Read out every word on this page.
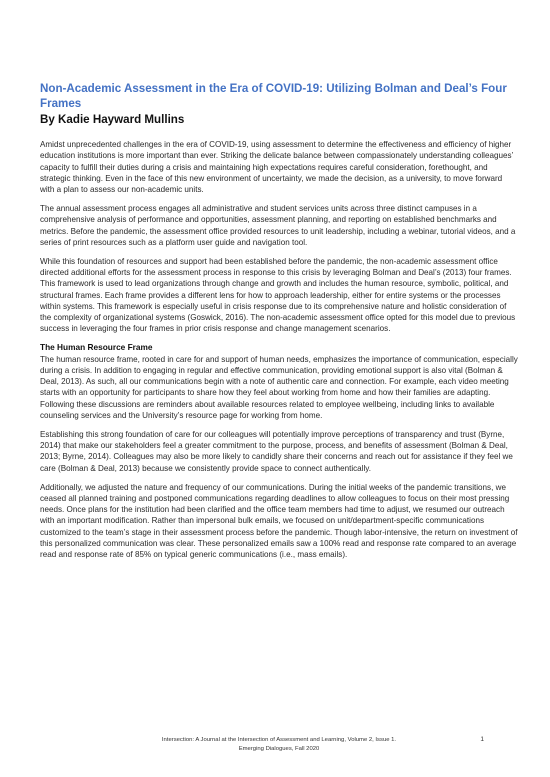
Non-Academic Assessment in the Era of COVID-19: Utilizing Bolman and Deal’s Four Frames
By Kadie Hayward Mullins

Amidst unprecedented challenges in the era of COVID-19, using assessment to determine the effectiveness and efficiency of higher education institutions is more important than ever. Striking the delicate balance between compassionately understanding colleagues’ capacity to fulfill their duties during a crisis and maintaining high expectations requires careful consideration, forethought, and strategic thinking. Even in the face of this new environment of uncertainty, we made the decision, as a university, to move forward with a plan to assess our non-academic units.

The annual assessment process engages all administrative and student services units across three distinct campuses in a comprehensive analysis of performance and opportunities, assessment planning, and reporting on established benchmarks and metrics. Before the pandemic, the assessment office provided resources to unit leadership, including a webinar, tutorial videos, and a series of print resources such as a platform user guide and navigation tool.

While this foundation of resources and support had been established before the pandemic, the non-academic assessment office directed additional efforts for the assessment process in response to this crisis by leveraging Bolman and Deal’s (2013) four frames. This framework is used to lead organizations through change and growth and includes the human resource, symbolic, political, and structural frames. Each frame provides a different lens for how to approach leadership, either for entire systems or the processes within systems. This framework is especially useful in crisis response due to its comprehensive nature and holistic consideration of the complexity of organizational systems (Goswick, 2016). The non-academic assessment office opted for this model due to previous success in leveraging the four frames in prior crisis response and change management scenarios.

The Human Resource Frame

The human resource frame, rooted in care for and support of human needs, emphasizes the importance of communication, especially during a crisis. In addition to engaging in regular and effective communication, providing emotional support is also vital (Bolman & Deal, 2013). As such, all our communications begin with a note of authentic care and connection. For example, each video meeting starts with an opportunity for participants to share how they feel about working from home and how their families are adapting. Following these discussions are reminders about available resources related to employee wellbeing, including links to available counseling services and the University’s resource page for working from home.

Establishing this strong foundation of care for our colleagues will potentially improve perceptions of transparency and trust (Byrne, 2014) that make our stakeholders feel a greater commitment to the purpose, process, and benefits of assessment (Bolman & Deal, 2013; Byrne, 2014). Colleagues may also be more likely to candidly share their concerns and reach out for assistance if they feel we care (Bolman & Deal, 2013) because we consistently provide space to connect authentically.

Additionally, we adjusted the nature and frequency of our communications. During the initial weeks of the pandemic transitions, we ceased all planned training and postponed communications regarding deadlines to allow colleagues to focus on their most pressing needs. Once plans for the institution had been clarified and the office team members had time to adjust, we resumed our outreach with an important modification. Rather than impersonal bulk emails, we focused on unit/department-specific communications customized to the team’s stage in their assessment process before the pandemic. Though labor-intensive, the return on investment of this personalized communication was clear. These personalized emails saw a 100% read and response rate compared to an average read and response rate of 85% on typical generic communications (i.e., mass emails).

Intersection: A Journal at the Intersection of Assessment and Learning, Volume 2, Issue 1.
Emerging Dialogues, Fall 2020
1
